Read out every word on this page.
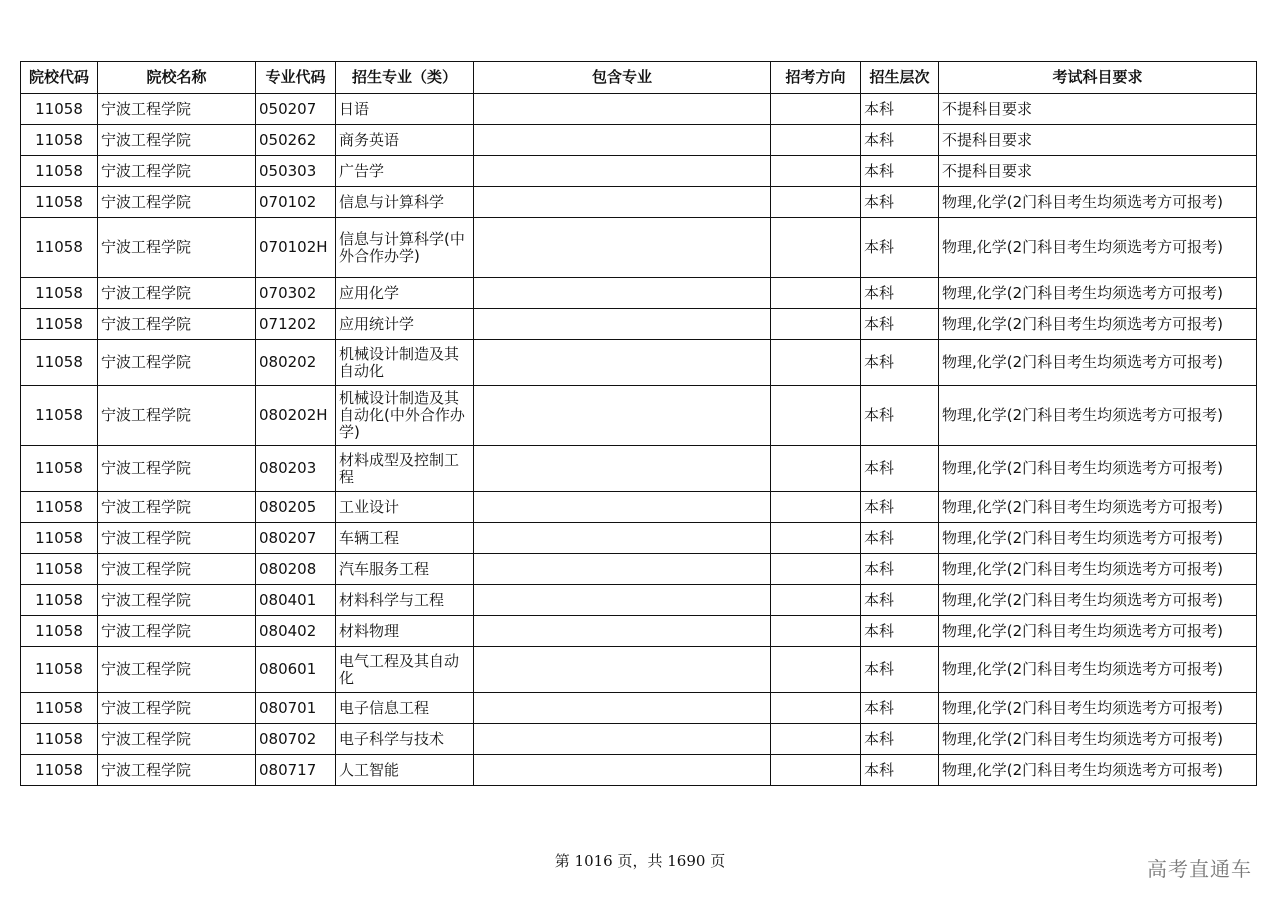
院校代码	院校名称	专业代码	招生专业（类）	包含专业	招考方向	招生层次	考试科目要求
11058	宁波工程学院	050207	日语			本科	不提科目要求
11058	宁波工程学院	050262	商务英语			本科	不提科目要求
11058	宁波工程学院	050303	广告学			本科	不提科目要求
11058	宁波工程学院	070102	信息与计算科学			本科	物理,化学(2门科目考生均须选考方可报考)
11058	宁波工程学院	070102H	信息与计算科学(中外合作办学)			本科	物理,化学(2门科目考生均须选考方可报考)
11058	宁波工程学院	070302	应用化学			本科	物理,化学(2门科目考生均须选考方可报考)
11058	宁波工程学院	071202	应用统计学			本科	物理,化学(2门科目考生均须选考方可报考)
11058	宁波工程学院	080202	机械设计制造及其自动化			本科	物理,化学(2门科目考生均须选考方可报考)
11058	宁波工程学院	080202H	机械设计制造及其自动化(中外合作办学)			本科	物理,化学(2门科目考生均须选考方可报考)
11058	宁波工程学院	080203	材料成型及控制工程			本科	物理,化学(2门科目考生均须选考方可报考)
11058	宁波工程学院	080205	工业设计			本科	物理,化学(2门科目考生均须选考方可报考)
11058	宁波工程学院	080207	车辆工程			本科	物理,化学(2门科目考生均须选考方可报考)
11058	宁波工程学院	080208	汽车服务工程			本科	物理,化学(2门科目考生均须选考方可报考)
11058	宁波工程学院	080401	材料科学与工程			本科	物理,化学(2门科目考生均须选考方可报考)
11058	宁波工程学院	080402	材料物理			本科	物理,化学(2门科目考生均须选考方可报考)
11058	宁波工程学院	080601	电气工程及其自动化			本科	物理,化学(2门科目考生均须选考方可报考)
11058	宁波工程学院	080701	电子信息工程			本科	物理,化学(2门科目考生均须选考方可报考)
11058	宁波工程学院	080702	电子科学与技术			本科	物理,化学(2门科目考生均须选考方可报考)
11058	宁波工程学院	080717	人工智能			本科	物理,化学(2门科目考生均须选考方可报考)
第 1016 页，共 1690 页	高考直通车
